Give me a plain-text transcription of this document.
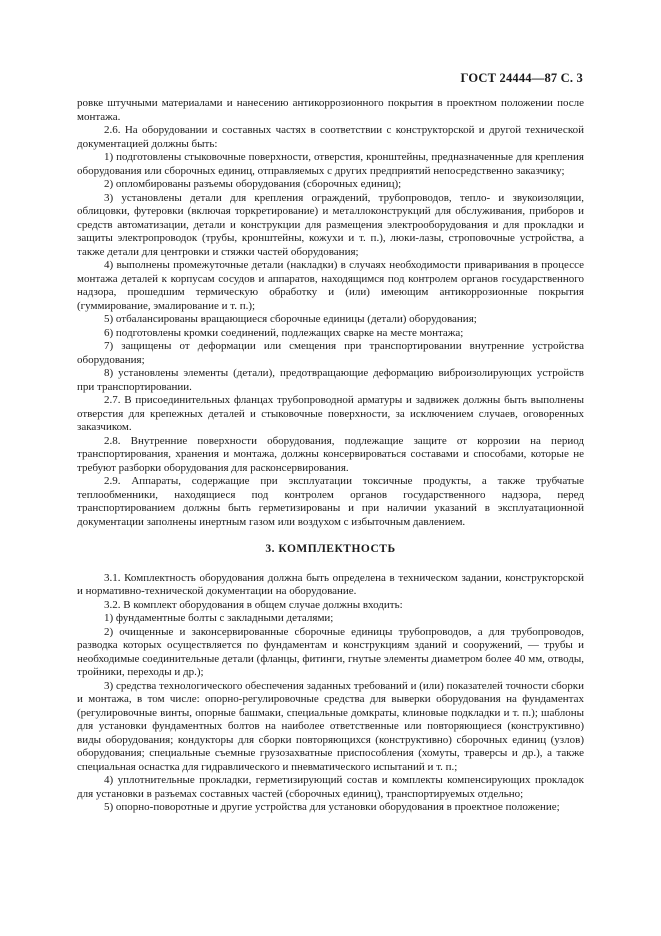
ГОСТ 24444—87 С. 3

ровке штучными материалами и нанесению антикоррозионного покрытия в проектном положении после монтажа.

2.6. На оборудовании и составных частях в соответствии с конструкторской и другой технической документацией должны быть:

1) подготовлены стыковочные поверхности, отверстия, кронштейны, предназначенные для крепления оборудования или сборочных единиц, отправляемых с других предприятий непосредственно заказчику;

2) опломбированы разъемы оборудования (сборочных единиц);

3) установлены детали для крепления ограждений, трубопроводов, тепло- и звукоизоляции, облицовки, футеровки (включая торкретирование) и металлоконструкций для обслуживания, приборов и средств автоматизации, детали и конструкции для размещения электрооборудования и для прокладки и защиты электропроводок (трубы, кронштейны, кожухи и т. п.), люки-лазы, строповочные устройства, а также детали для центровки и стяжки частей оборудования;

4) выполнены промежуточные детали (накладки) в случаях необходимости приваривания в процессе монтажа деталей к корпусам сосудов и аппаратов, находящимся под контролем органов государственного надзора, прошедшим термическую обработку и (или) имеющим антикоррозионные покрытия (гуммирование, эмалирование и т. п.);

5) отбалансированы вращающиеся сборочные единицы (детали) оборудования;

6) подготовлены кромки соединений, подлежащих сварке на месте монтажа;

7) защищены от деформации или смещения при транспортировании внутренние устройства оборудования;

8) установлены элементы (детали), предотвращающие деформацию виброизолирующих устройств при транспортировании.

2.7. В присоединительных фланцах трубопроводной арматуры и задвижек должны быть выполнены отверстия для крепежных деталей и стыковочные поверхности, за исключением случаев, оговоренных заказчиком.

2.8. Внутренние поверхности оборудования, подлежащие защите от коррозии на период транспортирования, хранения и монтажа, должны консервироваться составами и способами, которые не требуют разборки оборудования для расконсервирования.

2.9. Аппараты, содержащие при эксплуатации токсичные продукты, а также трубчатые теплообменники, находящиеся под контролем органов государственного надзора, перед транспортированием должны быть герметизированы и при наличии указаний в эксплуатационной документации заполнены инертным газом или воздухом с избыточным давлением.

3. КОМПЛЕКТНОСТЬ

3.1. Комплектность оборудования должна быть определена в техническом задании, конструкторской и нормативно-технической документации на оборудование.

3.2. В комплект оборудования в общем случае должны входить:

1) фундаментные болты с закладными деталями;

2) очищенные и законсервированные сборочные единицы трубопроводов, а для трубопроводов, разводка которых осуществляется по фундаментам и конструкциям зданий и сооружений, — трубы и необходимые соединительные детали (фланцы, фитинги, гнутые элементы диаметром более 40 мм, отводы, тройники, переходы и др.);

3) средства технологического обеспечения заданных требований и (или) показателей точности сборки и монтажа, в том числе: опорно-регулировочные средства для выверки оборудования на фундаментах (регулировочные винты, опорные башмаки, специальные домкраты, клиновые подкладки и т. п.); шаблоны для установки фундаментных болтов на наиболее ответственные или повторяющиеся (конструктивно) виды оборудования; кондукторы для сборки повторяющихся (конструктивно) сборочных единиц (узлов) оборудования; специальные съемные грузозахватные приспособления (хомуты, траверсы и др.), а также специальная оснастка для гидравлического и пневматического испытаний и т. п.;

4) уплотнительные прокладки, герметизирующий состав и комплекты компенсирующих прокладок для установки в разъемах составных частей (сборочных единиц), транспортируемых отдельно;

5) опорно-поворотные и другие устройства для установки оборудования в проектное положение;
